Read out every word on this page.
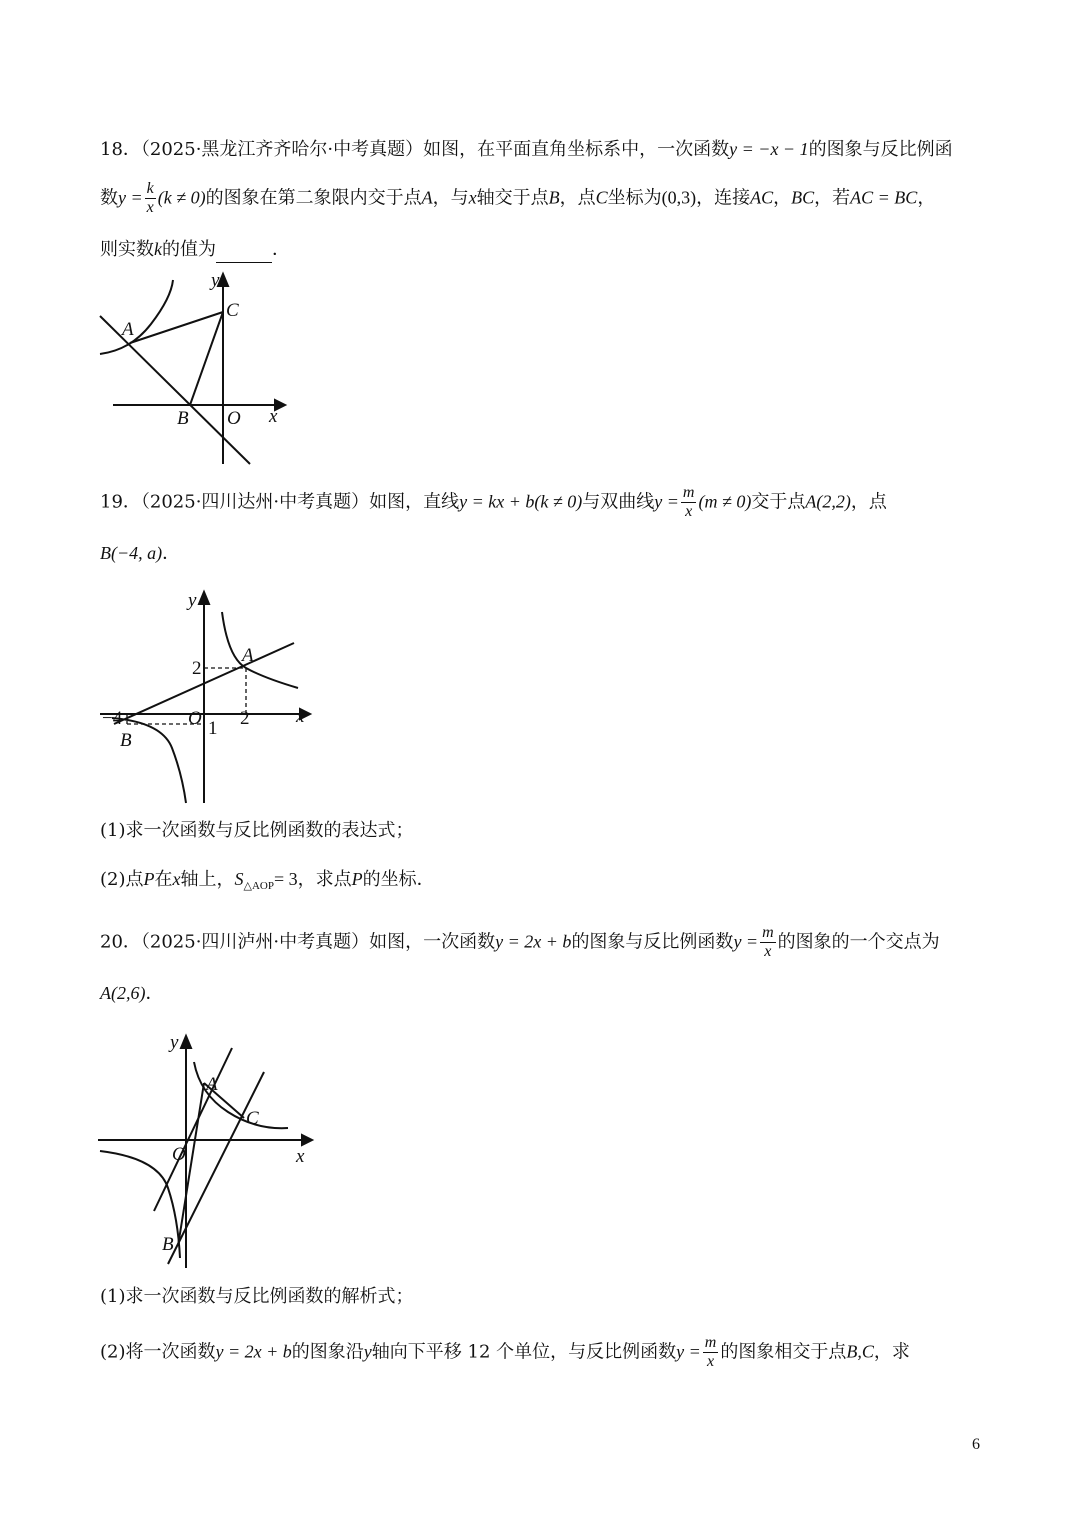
18．（2025·黑龙江齐齐哈尔·中考真题）如图，在平面直角坐标系中，一次函数y = −x − 1的图象与反比例函
数$y = \frac{k}{x} (k \ne 0)$的图象在第二象限内交于点A，与x轴交于点B，点C坐标为(0,3)，连接AC，BC，若AC = BC，
则实数k的值为	．
y
C
A
B O x
19．（2025·四川达州·中考真题）如图，直线y = kx + b(k ≠ 0)与双曲线$y = \frac{m}{x} (m \ne 0)$交于点A(2,2)，点
B(−4, a)．
y
A
2
−4	O 2 x
1
B
(1)求一次函数与反比例函数的表达式；
(2)点P在x轴上，$S_{\triangle AOP}= 3$，求点P的坐标．
20．（2025·四川泸州·中考真题）如图，一次函数y = 2x + b的图象与反比例函数$y = \frac{m}{x}$ 的图象的一个交点为
A(2,6)．
y
A
C
O	x
B
(1)求一次函数与反比例函数的解析式；
(2)将一次函数y = 2x + b的图象沿y轴向下平移 12 个单位，与反比例函数$y = \frac{m}{x}$ 的图象相交于点B,C，求
6
